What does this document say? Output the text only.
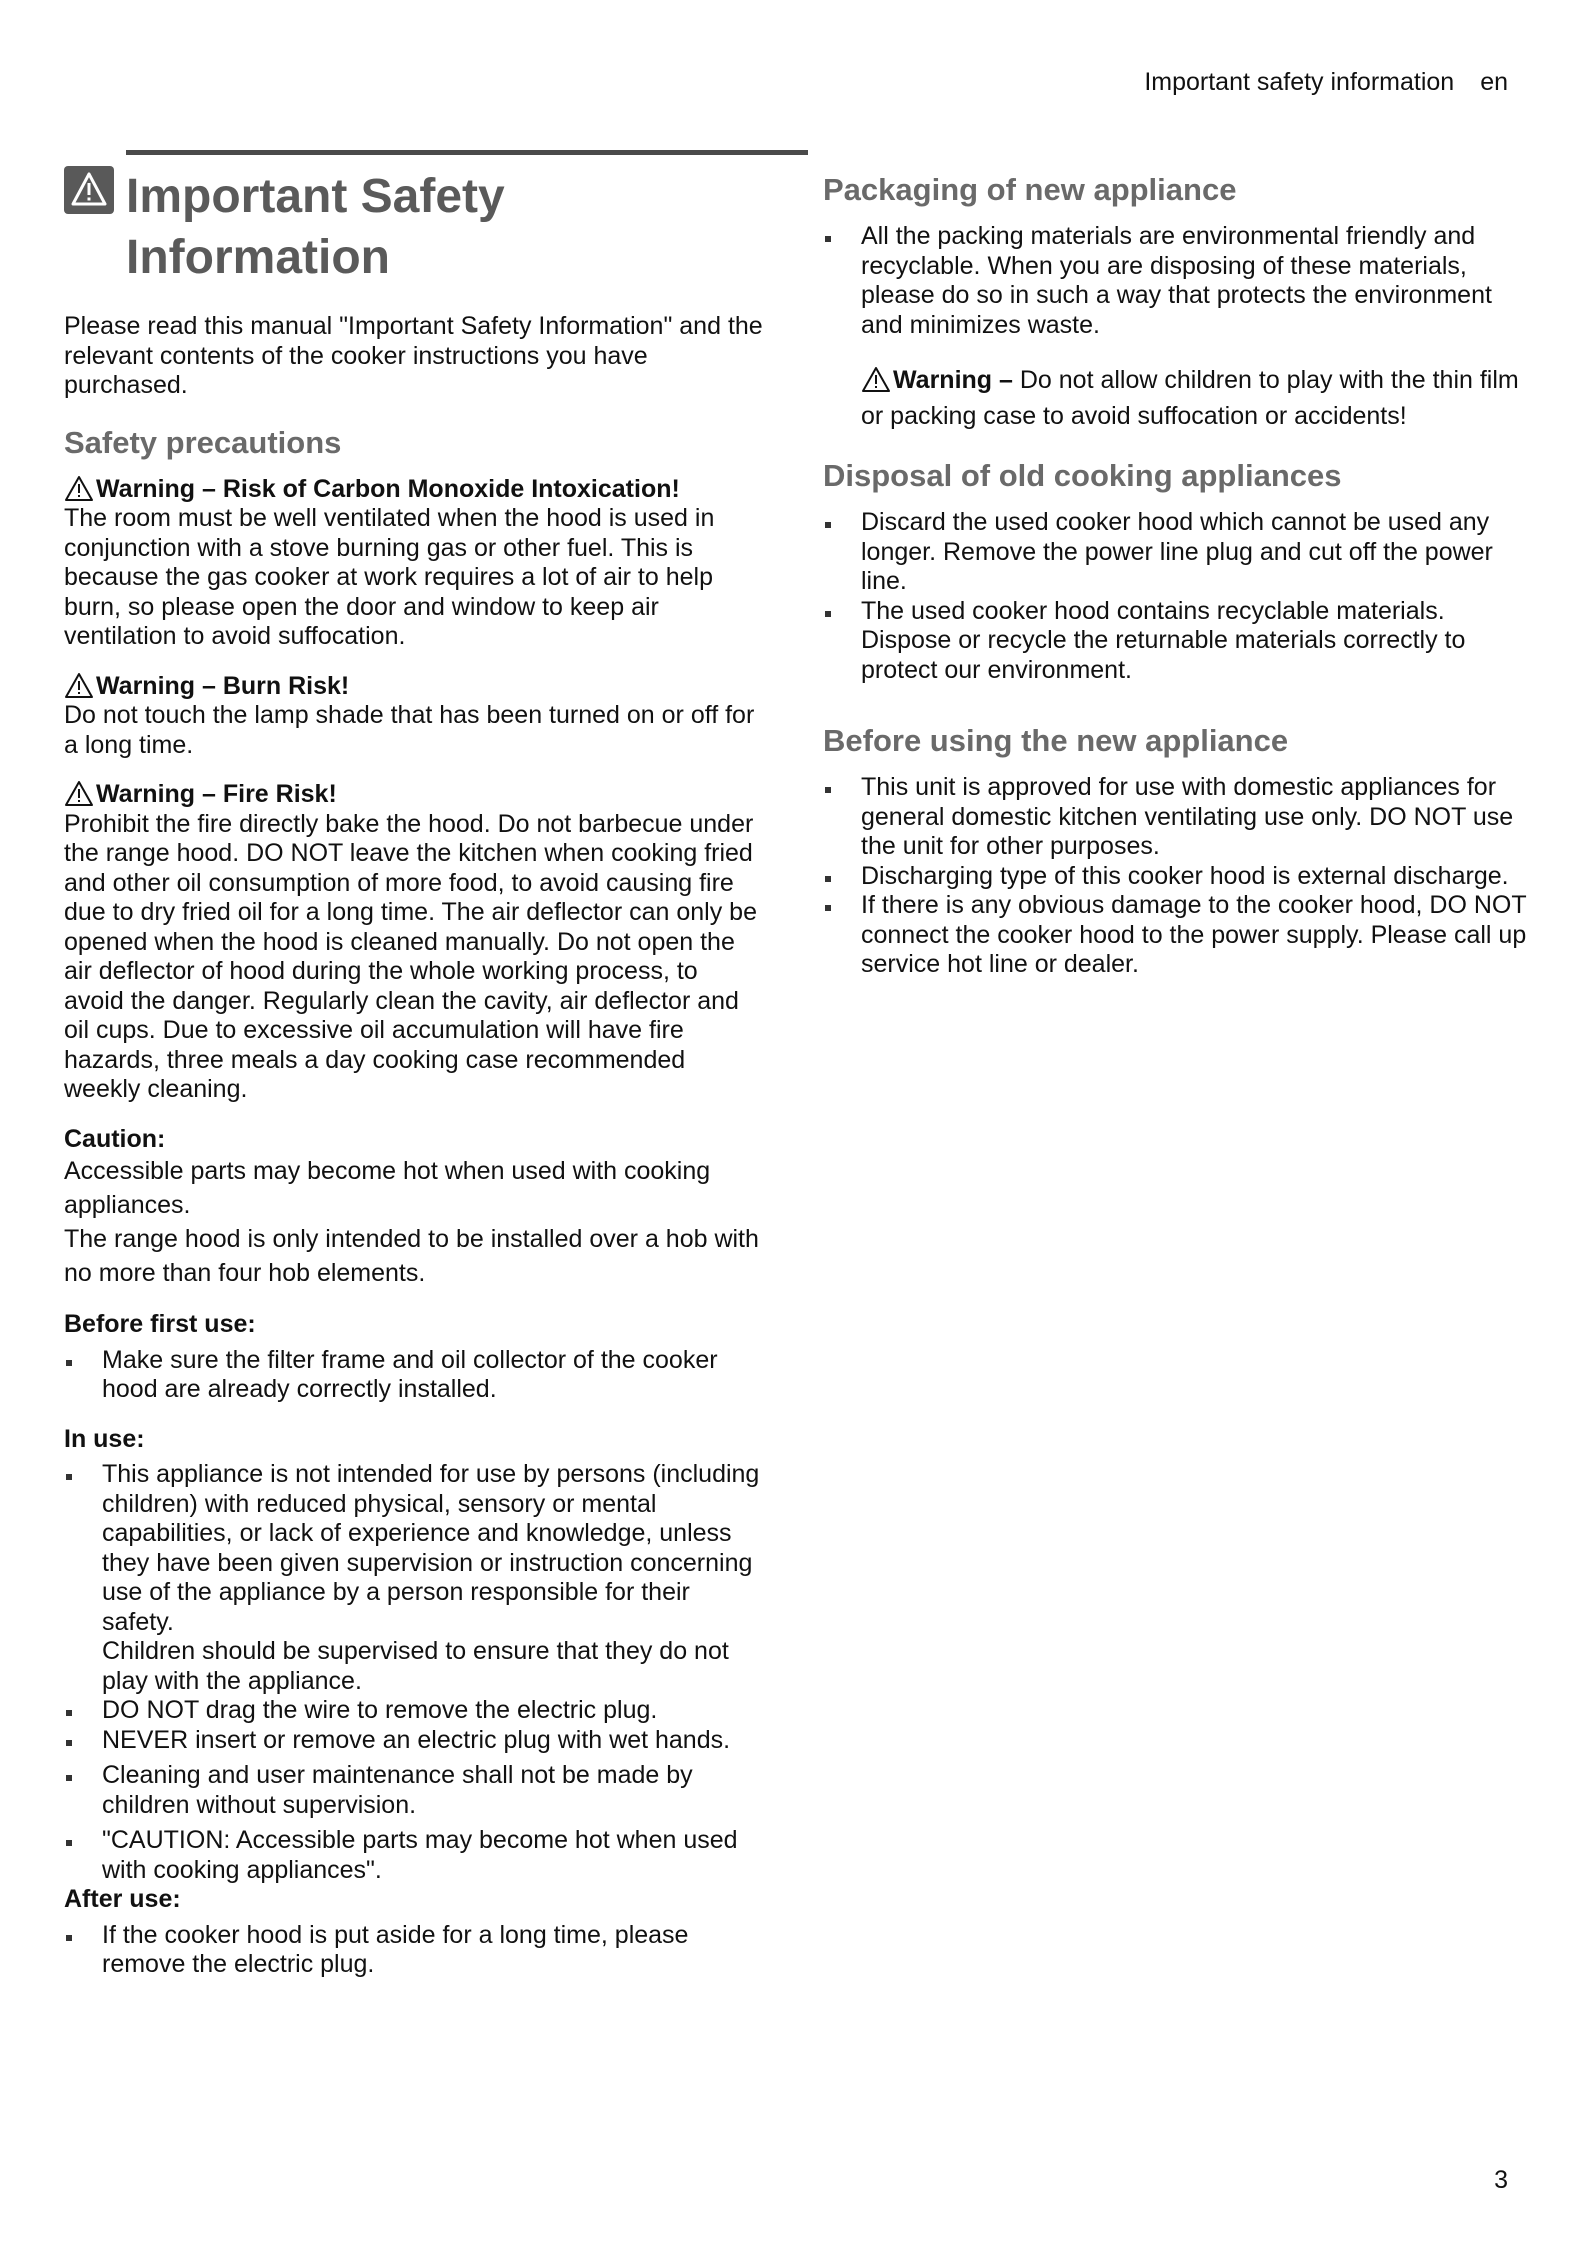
Important safety information en
Important Safety
Information

Please read this manual "Important Safety Information" and the relevant contents of the cooker instructions you have purchased.

Safety precautions
Warning – Risk of Carbon Monoxide Intoxication!

The room must be well ventilated when the hood is used in conjunction with a stove burning gas or other fuel. This is because the gas cooker at work requires a lot of air to help burn, so please open the door and window to keep air ventilation to avoid suffocation.

Warning – Burn Risk!

Do not touch the lamp shade that has been turned on or off for a long time.

Warning – Fire Risk!

Prohibit the fire directly bake the hood. Do not barbecue under the range hood. DO NOT leave the kitchen when cooking fried and other oil consumption of more food, to avoid causing fire due to dry fried oil for a long time. The air deflector can only be opened when the hood is cleaned manually. Do not open the air deflector of hood during the whole working process, to avoid the danger. Regularly clean the cavity, air deflector and oil cups. Due to excessive oil accumulation will have fire hazards, three meals a day cooking case recommended weekly cleaning.

Caution:

Accessible parts may become hot when used with cooking appliances.

The range hood is only intended to be installed over a hob with no more than four hob elements.

Before first use:
Make sure the filter frame and oil collector of the cooker hood are already correctly installed.
In use:
This appliance is not intended for use by persons (including children) with reduced physical, sensory or mental capabilities, or lack of experience and knowledge, unless they have been given supervision or instruction concerning use of the appliance by a person responsible for their safety.
Children should be supervised to ensure that they do not play with the appliance.
DO NOT drag the wire to remove the electric plug.
NEVER insert or remove an electric plug with wet hands.
Cleaning and user maintenance shall not be made by children without supervision.
"CAUTION: Accessible parts may become hot when used with cooking appliances".
After use:
If the cooker hood is put aside for a long time, please remove the electric plug.
Packaging of new appliance
All the packing materials are environmental friendly and recyclable. When you are disposing of these materials, please do so in such a way that protects the environment and minimizes waste.

Warning – Do not allow children to play with the thin film or packing case to avoid suffocation or accidents!

Disposal of old cooking appliances
Discard the used cooker hood which cannot be used any longer. Remove the power line plug and cut off the power line.
The used cooker hood contains recyclable materials. Dispose or recycle the returnable materials correctly to protect our environment.
Before using the new appliance
This unit is approved for use with domestic appliances for general domestic kitchen ventilating use only. DO NOT use the unit for other purposes.
Discharging type of this cooker hood is external discharge.
If there is any obvious damage to the cooker hood, DO NOT connect the cooker hood to the power supply. Please call up service hot line or dealer.
3
